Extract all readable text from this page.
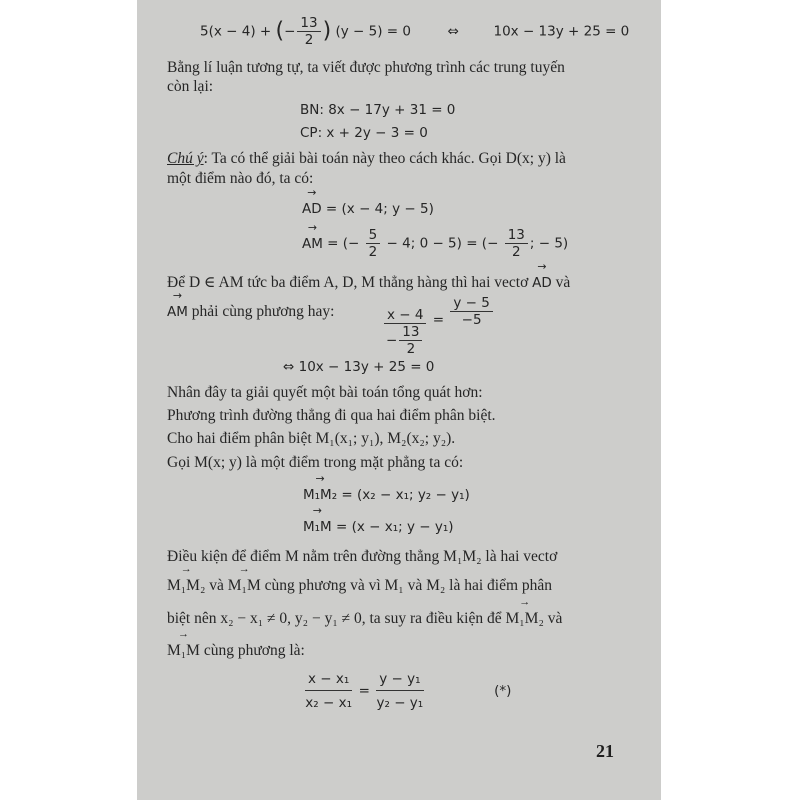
5(x − 4) + (− $\frac{13}{2}$ ) (y − 5) = 0	⇔	10x − 13y + 25 = 0
Bằng lí luận tương tự, ta viết được phương trình các trung tuyến
còn lại:
BN: 8x − 17y + 31 = 0
CP: x + 2y − 3 = 0
Chú ý: Ta có thể giải bài toán này theo cách khác. Gọi D(x; y) là
một điểm nào đó, ta có:
→
AD = (x − 4; y − 5)
→
AM = (− $\frac{5}{2} - 4$; 0 − 5) = (− $\frac{13}{2}$ ; − 5)
Để D ∈ AM tức ba điểm A, D, M thẳng hàng thì hai vectơ
→
AD và
→
AM phải cùng phương hay:	$\frac{x - 4}{- \frac{13}{2}} = \frac{y - 5}{-5}$
⇔ 10x − 13y + 25 = 0
Nhân đây ta giải quyết một bài toán tổng quát hơn:
Phương trình đường thẳng đi qua hai điểm phân biệt.
Cho hai điểm phân biệt M₁(x₁; y₁), M₂(x₂; y₂).
Gọi M(x; y) là một điểm trong mặt phẳng ta có:
→
M₁M₂ = (x₂ − x₁; y₂ − y₁)
→
M₁M = (x − x₁; y − y₁)
Điều kiện để điểm M nằm trên đường thẳng M₁M₂ là hai vectơ
→
M₁M₂ và
→
M₁M cùng phương và vì M₁ và M₂ là hai điểm phân
biệt nên x₂ − x₁ ≠ 0, y₂ − y₁ ≠ 0, ta suy ra điều kiện để
→
M₁M₂ và
→
M₁M cùng phương là:
$\frac{\text{x − x₁}}{\text{x₂ − x₁}} = \frac{\text{y − y₁}}{\text{y₂ − y₁}}$	(*)
21
